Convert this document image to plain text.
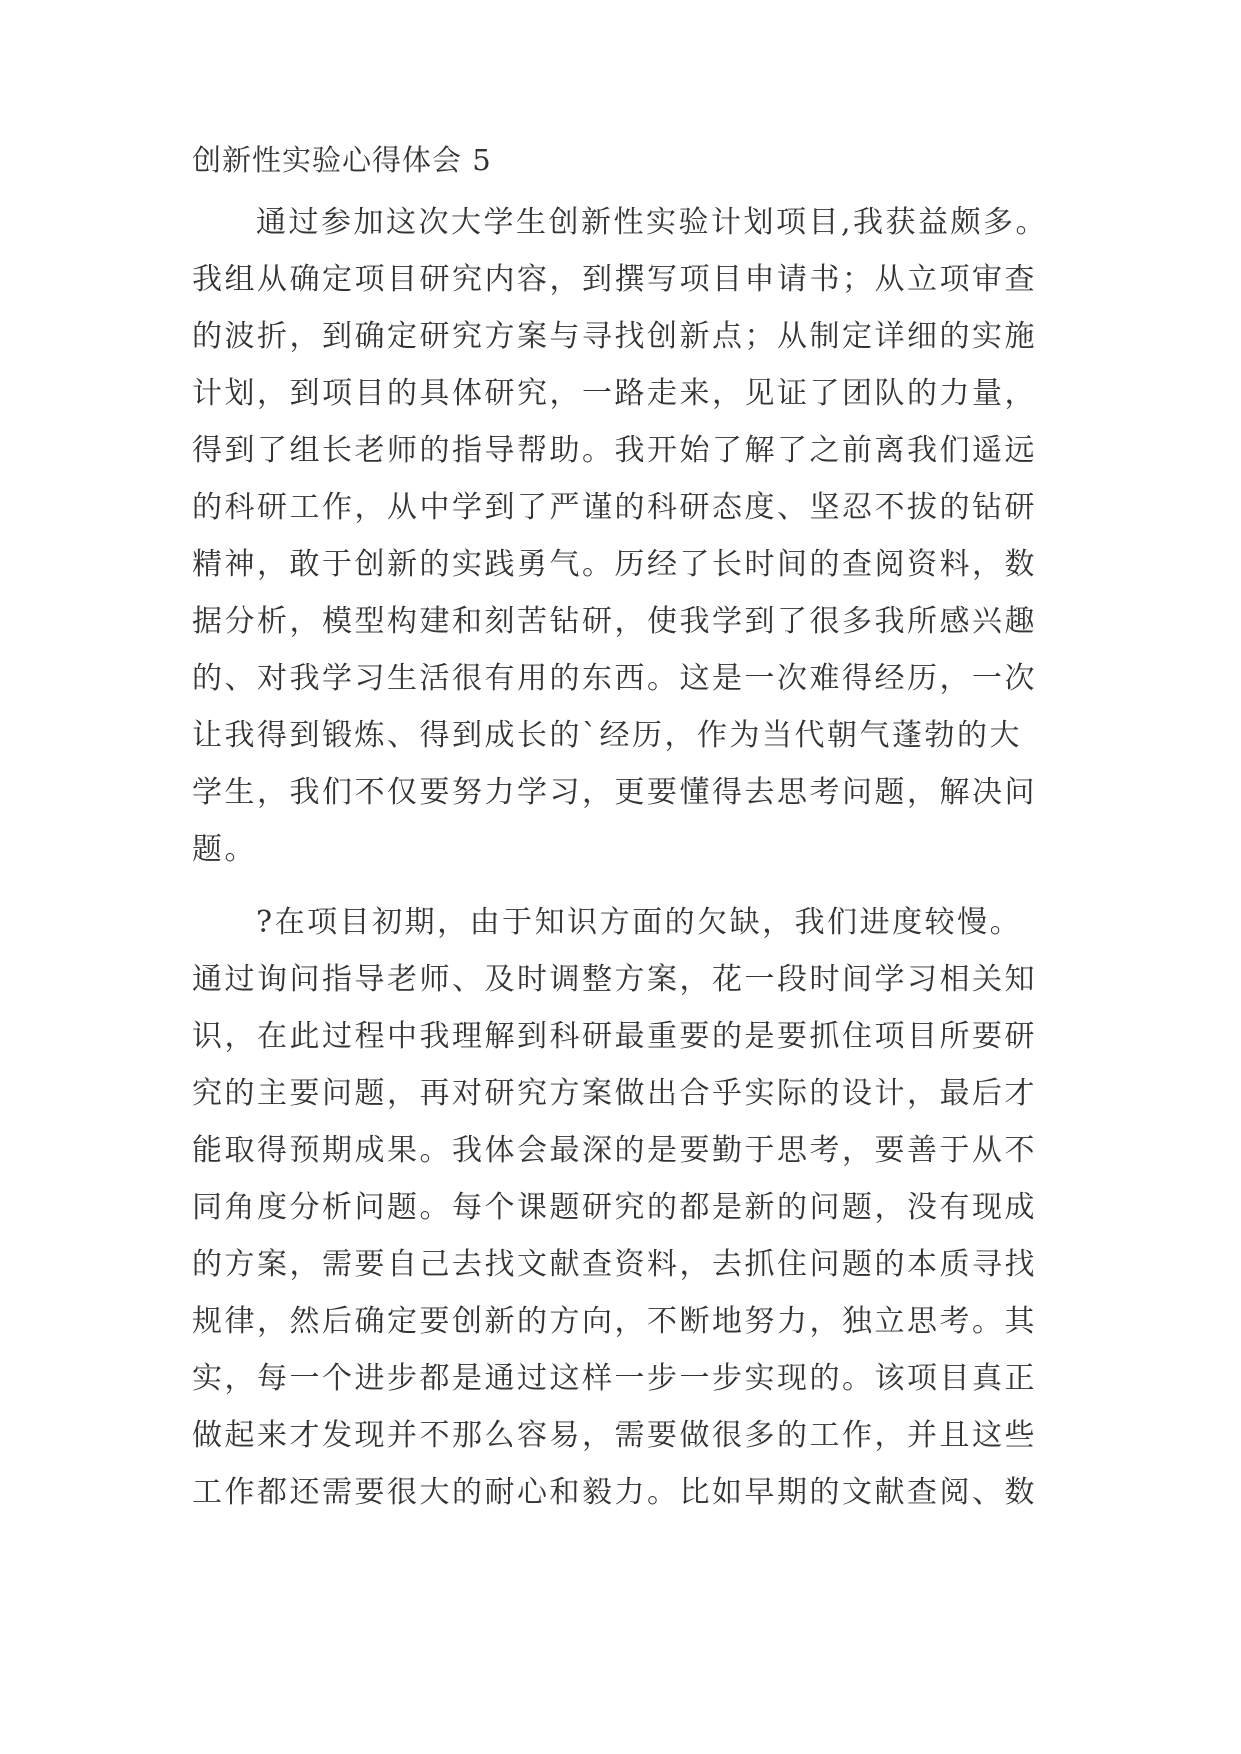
创新性实验心得体会 5
通过参加这次大学生创新性实验计划项目,我获益颇多。
我组从确定项目研究内容，到撰写项目申请书；从立项审查
的波折，到确定研究方案与寻找创新点；从制定详细的实施
计划，到项目的具体研究，一路走来，见证了团队的力量，
得到了组长老师的指导帮助。我开始了解了之前离我们遥远
的科研工作，从中学到了严谨的科研态度、坚忍不拔的钻研
精神，敢于创新的实践勇气。历经了长时间的查阅资料，数
据分析，模型构建和刻苦钻研，使我学到了很多我所感兴趣
的、对我学习生活很有用的东西。这是一次难得经历，一次
让我得到锻炼、得到成长的`经历，作为当代朝气蓬勃的大
学生，我们不仅要努力学习，更要懂得去思考问题，解决问
题。
?在项目初期，由于知识方面的欠缺，我们进度较慢。
通过询问指导老师、及时调整方案，花一段时间学习相关知
识，在此过程中我理解到科研最重要的是要抓住项目所要研
究的主要问题，再对研究方案做出合乎实际的设计，最后才
能取得预期成果。我体会最深的是要勤于思考，要善于从不
同角度分析问题。每个课题研究的都是新的问题，没有现成
的方案，需要自己去找文献查资料，去抓住问题的本质寻找
规律，然后确定要创新的方向，不断地努力，独立思考。其
实，每一个进步都是通过这样一步一步实现的。该项目真正
做起来才发现并不那么容易，需要做很多的工作，并且这些
工作都还需要很大的耐心和毅力。比如早期的文献查阅、数
